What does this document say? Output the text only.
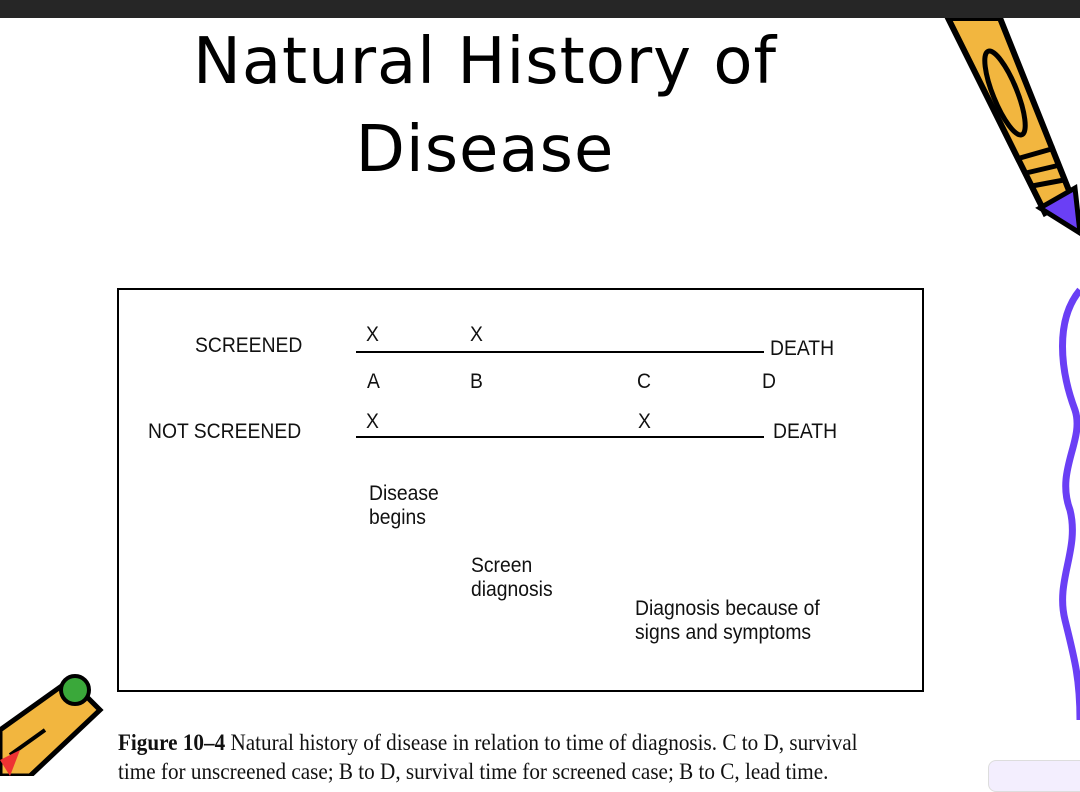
Natural History of
Disease
SCREENED	X	X
DEATH
A	B	C	D
NOT SCREENED	X	X	DEATH
Disease
begins
Screen
diagnosis
Diagnosis because of
signs and symptoms
Figure 10–4 Natural history of disease in relation to time of diagnosis. C to D, survival
time for unscreened case; B to D, survival time for screened case; B to C, lead time.
